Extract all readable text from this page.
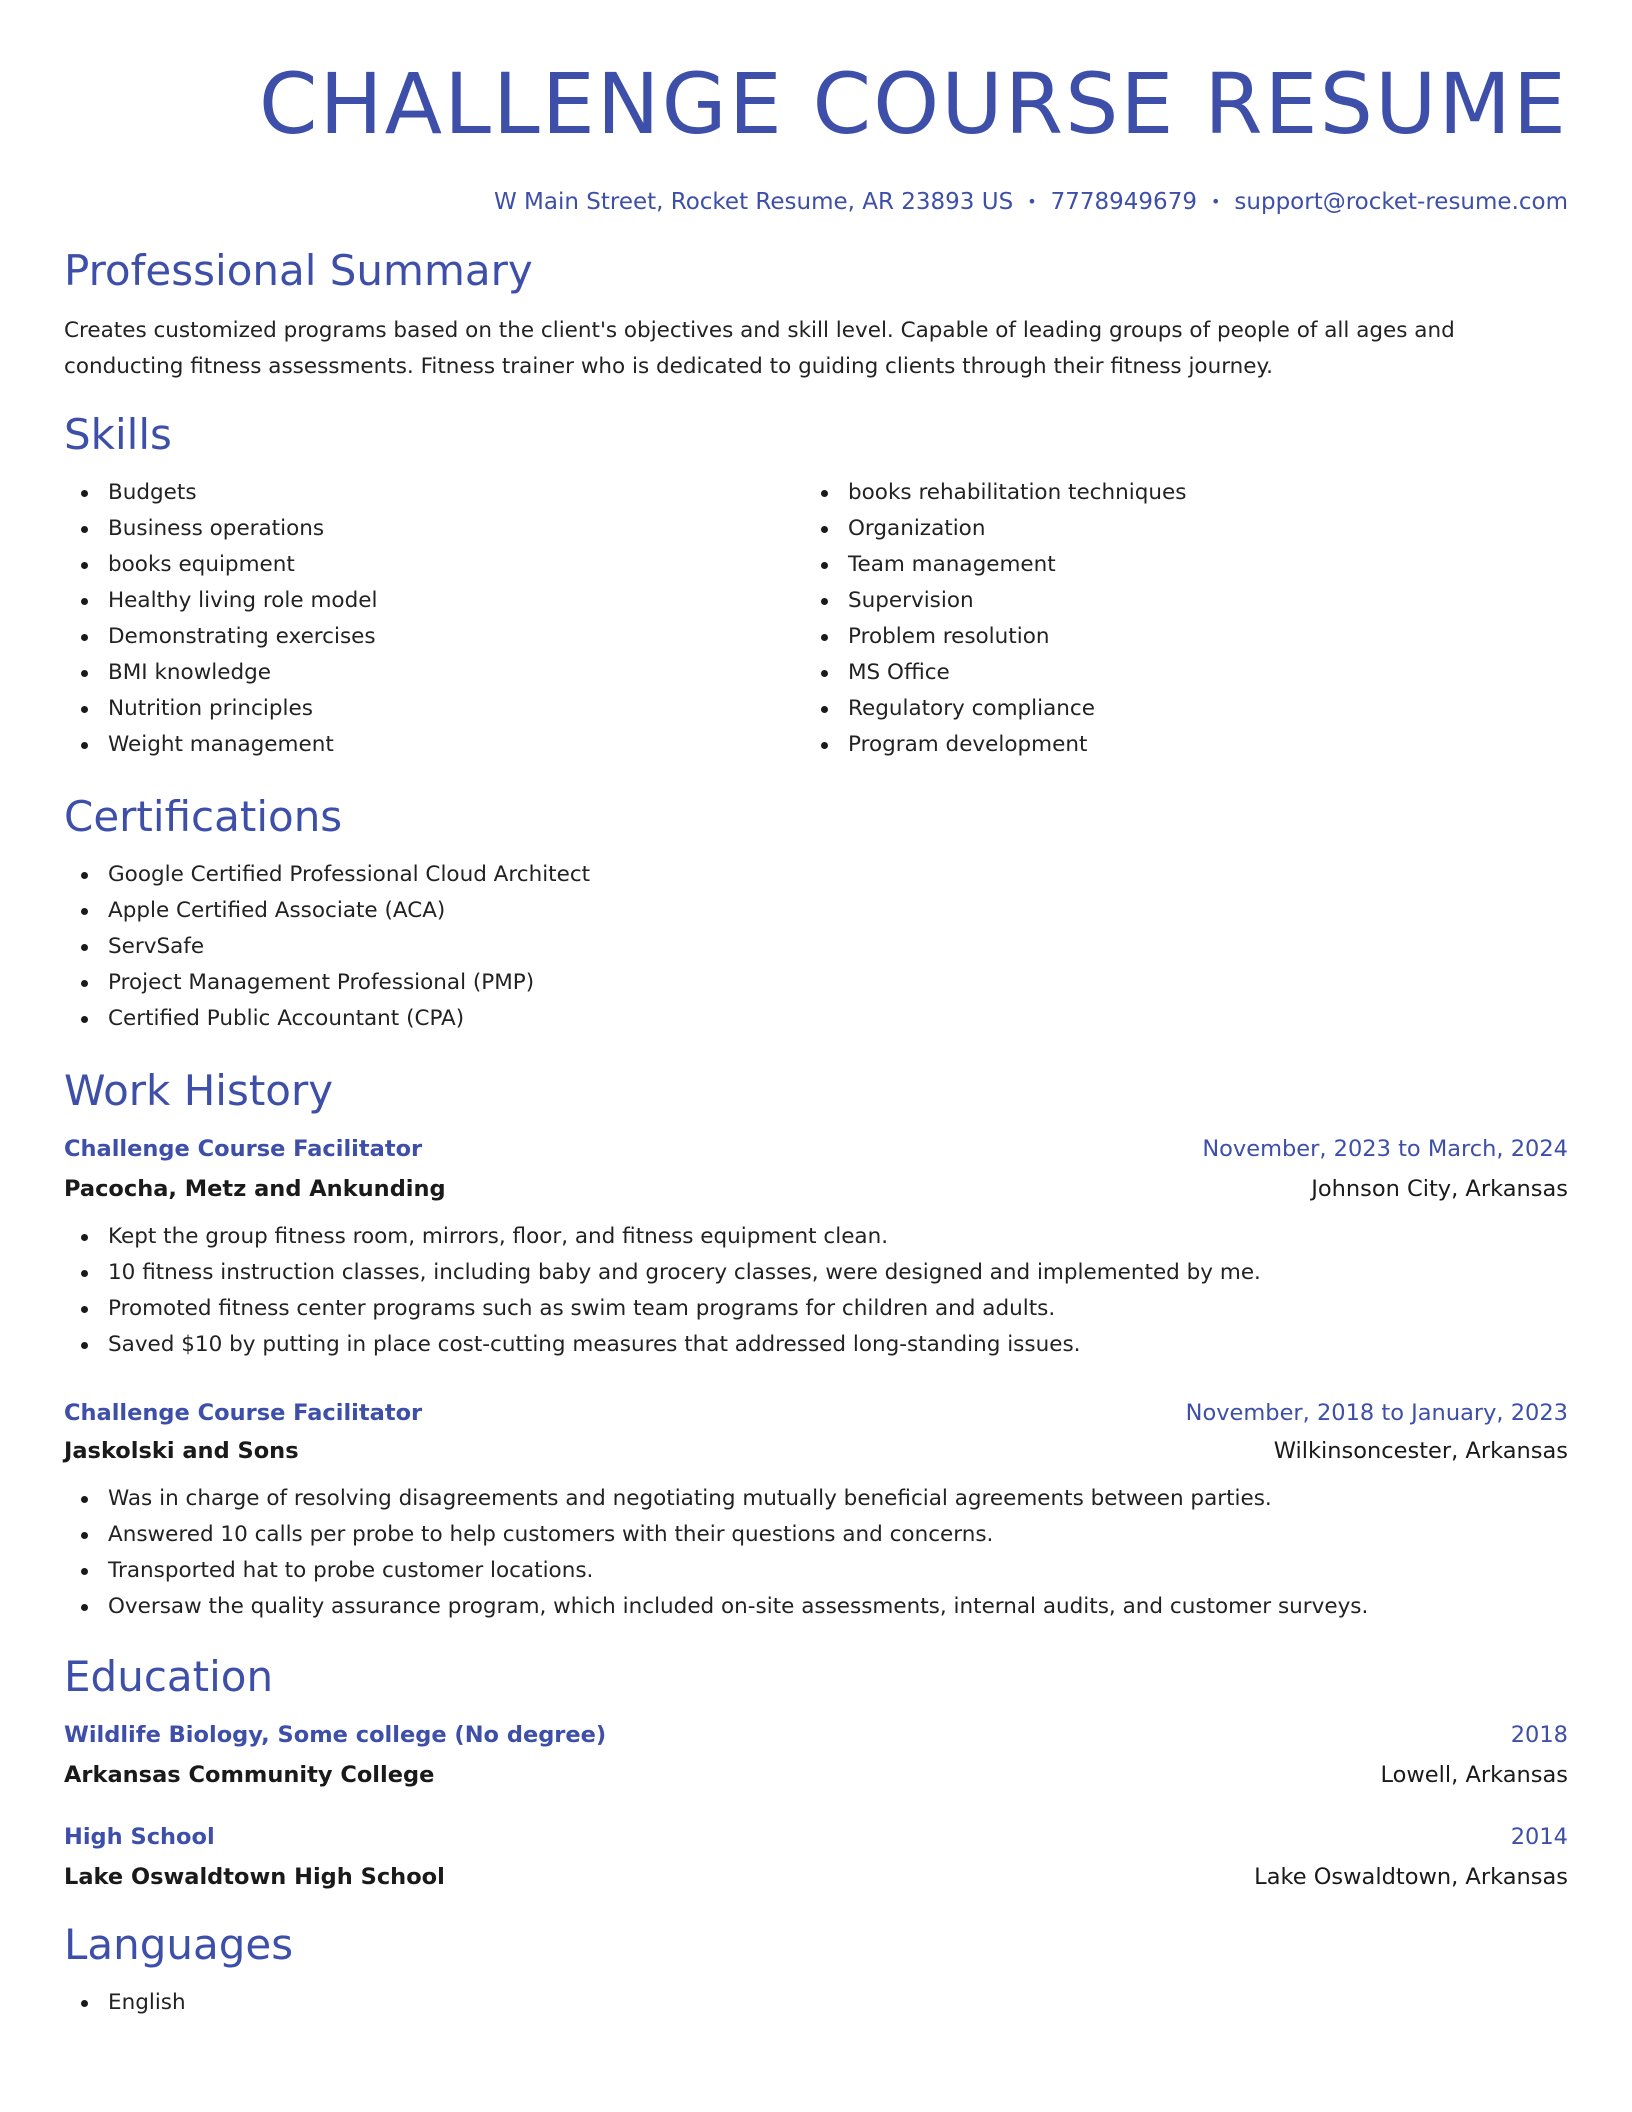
CHALLENGE COURSE RESUME
W Main Street, Rocket Resume, AR 23893 US • 7778949679 • support@rocket-resume.com
Professional Summary

Creates customized programs based on the client's objectives and skill level. Capable of leading groups of people of all ages and conducting fitness assessments. Fitness trainer who is dedicated to guiding clients through their fitness journey.

Skills
Budgets
Business operations
books equipment
Healthy living role model
Demonstrating exercises
BMI knowledge
Nutrition principles
Weight management
books rehabilitation techniques
Organization
Team management
Supervision
Problem resolution
MS Office
Regulatory compliance
Program development
Certifications
Google Certified Professional Cloud Architect
Apple Certified Associate (ACA)
ServSafe
Project Management Professional (PMP)
Certified Public Accountant (CPA)
Work History
Challenge Course Facilitator	November, 2023 to March, 2024
Pacocha, Metz and Ankunding	Johnson City, Arkansas
Kept the group fitness room, mirrors, floor, and fitness equipment clean.
10 fitness instruction classes, including baby and grocery classes, were designed and implemented by me.
Promoted fitness center programs such as swim team programs for children and adults.
Saved $10 by putting in place cost-cutting measures that addressed long-standing issues.
Challenge Course Facilitator	November, 2018 to January, 2023
Jaskolski and Sons	Wilkinsoncester, Arkansas
Was in charge of resolving disagreements and negotiating mutually beneficial agreements between parties.
Answered 10 calls per probe to help customers with their questions and concerns.
Transported hat to probe customer locations.
Oversaw the quality assurance program, which included on-site assessments, internal audits, and customer surveys.
Education
Wildlife Biology, Some college (No degree)	2018
Arkansas Community College	Lowell, Arkansas
High School	2014
Lake Oswaldtown High School	Lake Oswaldtown, Arkansas
Languages
English
